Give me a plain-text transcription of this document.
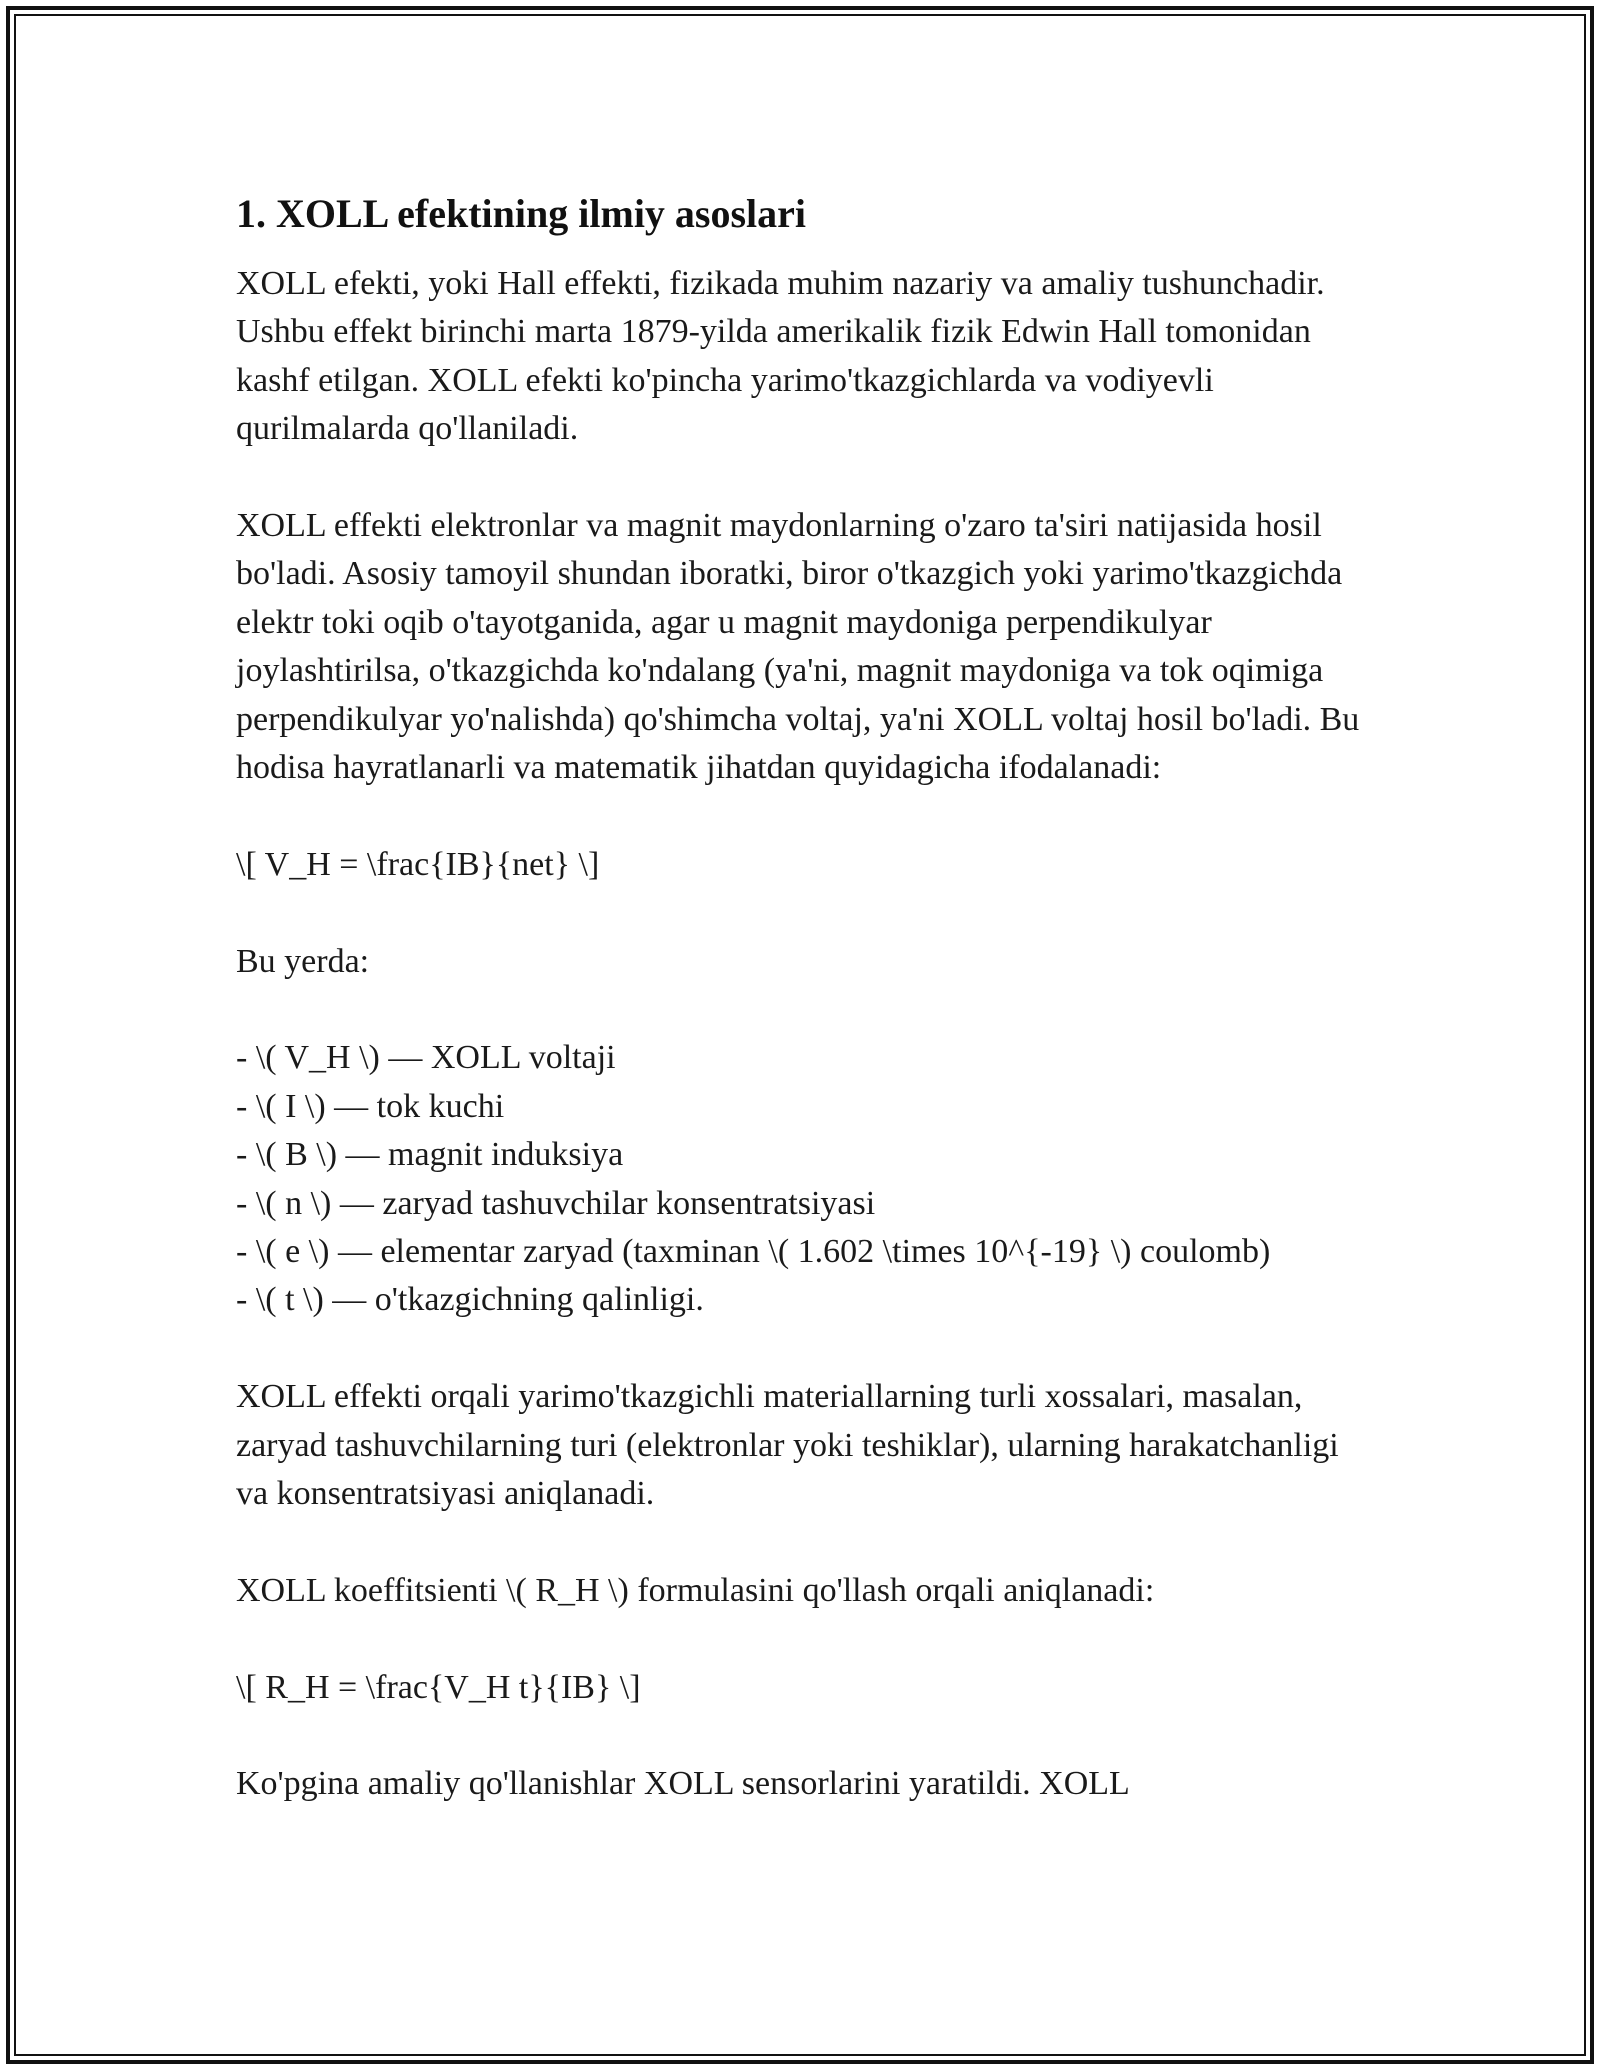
1. XOLL efektining ilmiy asoslari

XOLL efekti, yoki Hall effekti, fizikada muhim nazariy va amaliy tushunchadir. Ushbu effekt birinchi marta 1879-yilda amerikalik fizik Edwin Hall tomonidan kashf etilgan. XOLL efekti ko'pincha yarimo'tkazgichlarda va vodiyevli qurilmalarda qo'llaniladi.

XOLL effekti elektronlar va magnit maydonlarning o'zaro ta'siri natijasida hosil bo'ladi. Asosiy tamoyil shundan iboratki, biror o'tkazgich yoki yarimo'tkazgichda elektr toki oqib o'tayotganida, agar u magnit maydoniga perpendikulyar joylashtirilsa, o'tkazgichda ko'ndalang (ya'ni, magnit maydoniga va tok oqimiga perpendikulyar yo'nalishda) qo'shimcha voltaj, ya'ni XOLL voltaj hosil bo'ladi. Bu hodisa hayratlanarli va matematik jihatdan quyidagicha ifodalanadi:

\[ V_H = \frac{IB}{net} \]

Bu yerda:

- \( V_H \) — XOLL voltaji
- \( I \) — tok kuchi
- \( B \) — magnit induksiya
- \( n \) — zaryad tashuvchilar konsentratsiyasi
- \( e \) — elementar zaryad (taxminan \( 1.602 \times 10^{-19} \) coulomb)
- \( t \) — o'tkazgichning qalinligi.

XOLL effekti orqali yarimo'tkazgichli materiallarning turli xossalari, masalan, zaryad tashuvchilarning turi (elektronlar yoki teshiklar), ularning harakatchanligi va konsentratsiyasi aniqlanadi.

XOLL koeffitsienti \( R_H \) formulasini qo'llash orqali aniqlanadi:

\[ R_H = \frac{V_H t}{IB} \]

Ko'pgina amaliy qo'llanishlar XOLL sensorlarini yaratildi. XOLL
